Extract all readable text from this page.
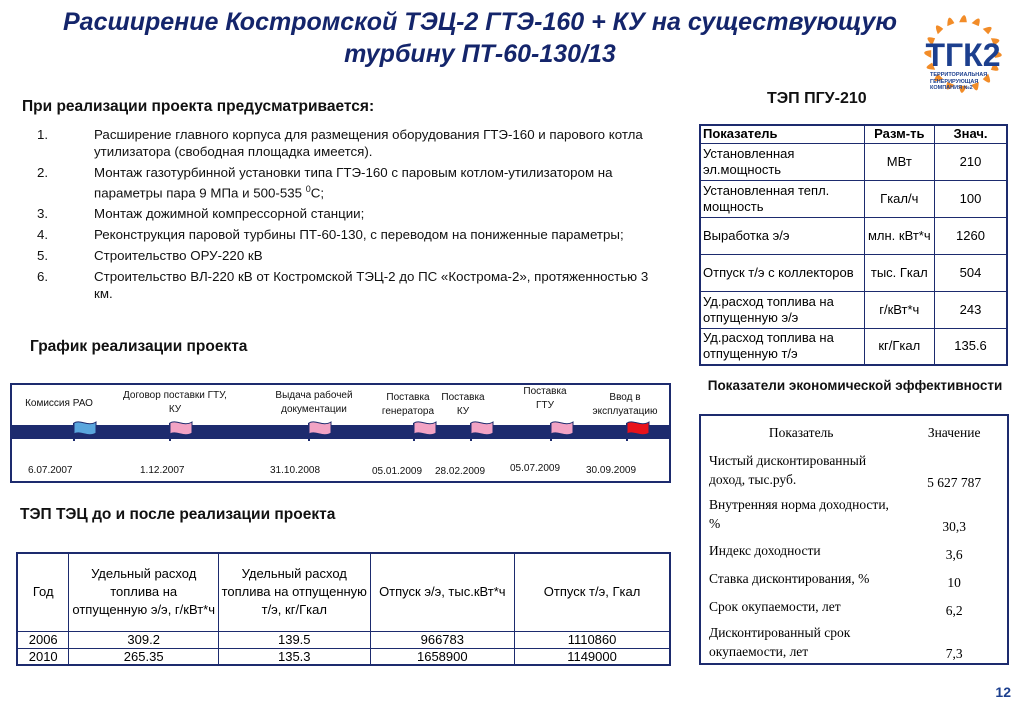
Расширение Костромской ТЭЦ-2 ГТЭ-160 + КУ на существующую
турбину ПТ-60-130/13	ТГК2
ТЕРРИТОРИАЛЬНАЯ
ГЕНЕРИРУЮЩАЯ
КОМПАНИЯ №2
При реализации проекта предусматривается:
1.	Расширение главного корпуса для размещения оборудования ГТЭ-160 и парового котла утилизатора (свободная площадка имеется).
2.	Монтаж газотурбинной установки типа ГТЭ-160 с паровым котлом-утилизатором на параметры пара 9 МПа и 500-535 $^0$С;
3.	Монтаж дожимной компрессорной станции;
4.	Реконструкция паровой турбины ПТ-60-130, с переводом на пониженные параметры;
5.	Строительство ОРУ-220 кВ
6.	Строительство ВЛ-220 кВ от Костромской ТЭЦ-2 до ПС «Кострома-2», протяженностью 3 км.
График реализации проекта
Комиссия РАО
6.07.2007
Договор поставки ГТУ, КУ
1.12.2007
Выдача рабочей документации
31.10.2008
Поставка генератора
05.01.2009
Поставка КУ
28.02.2009
Поставка ГТУ
05.07.2009
Ввод в эксплуатацию
30.09.2009
ТЭП ТЭЦ до и после реализации проекта
Год	Удельный расход топлива на отпущенную э/э, г/кВт*ч	Удельный расход топлива на отпущенную т/э, кг/Гкал	Отпуск э/э, тыс.кВт*ч	Отпуск т/э, Гкал
2006	309.2	139.5	966783	1110860
2010	265.35	135.3	1658900	1149000
ТЭП ПГУ-210
Показатель	Разм-ть	Знач.
Установленная эл.мощность	МВт	210
Установленная тепл. мощность	Гкал/ч	100
Выработка э/э	млн. кВт*ч	1260
Отпуск т/э с коллекторов	тыс. Гкал	504
Уд.расход топлива на отпущенную э/э	г/кВт*ч	243
Уд.расход топлива на отпущенную т/э	кг/Гкал	135.6
Показатели экономической эффективности
Показатель	Значение
Чистый дисконтированный доход, тыс.руб.	5 627 787
Внутренняя норма доходности, %	30,3
Индекс доходности	3,6
Ставка дисконтирования, %	10
Срок окупаемости, лет	6,2
Дисконтированный срок окупаемости, лет	7,3
12
